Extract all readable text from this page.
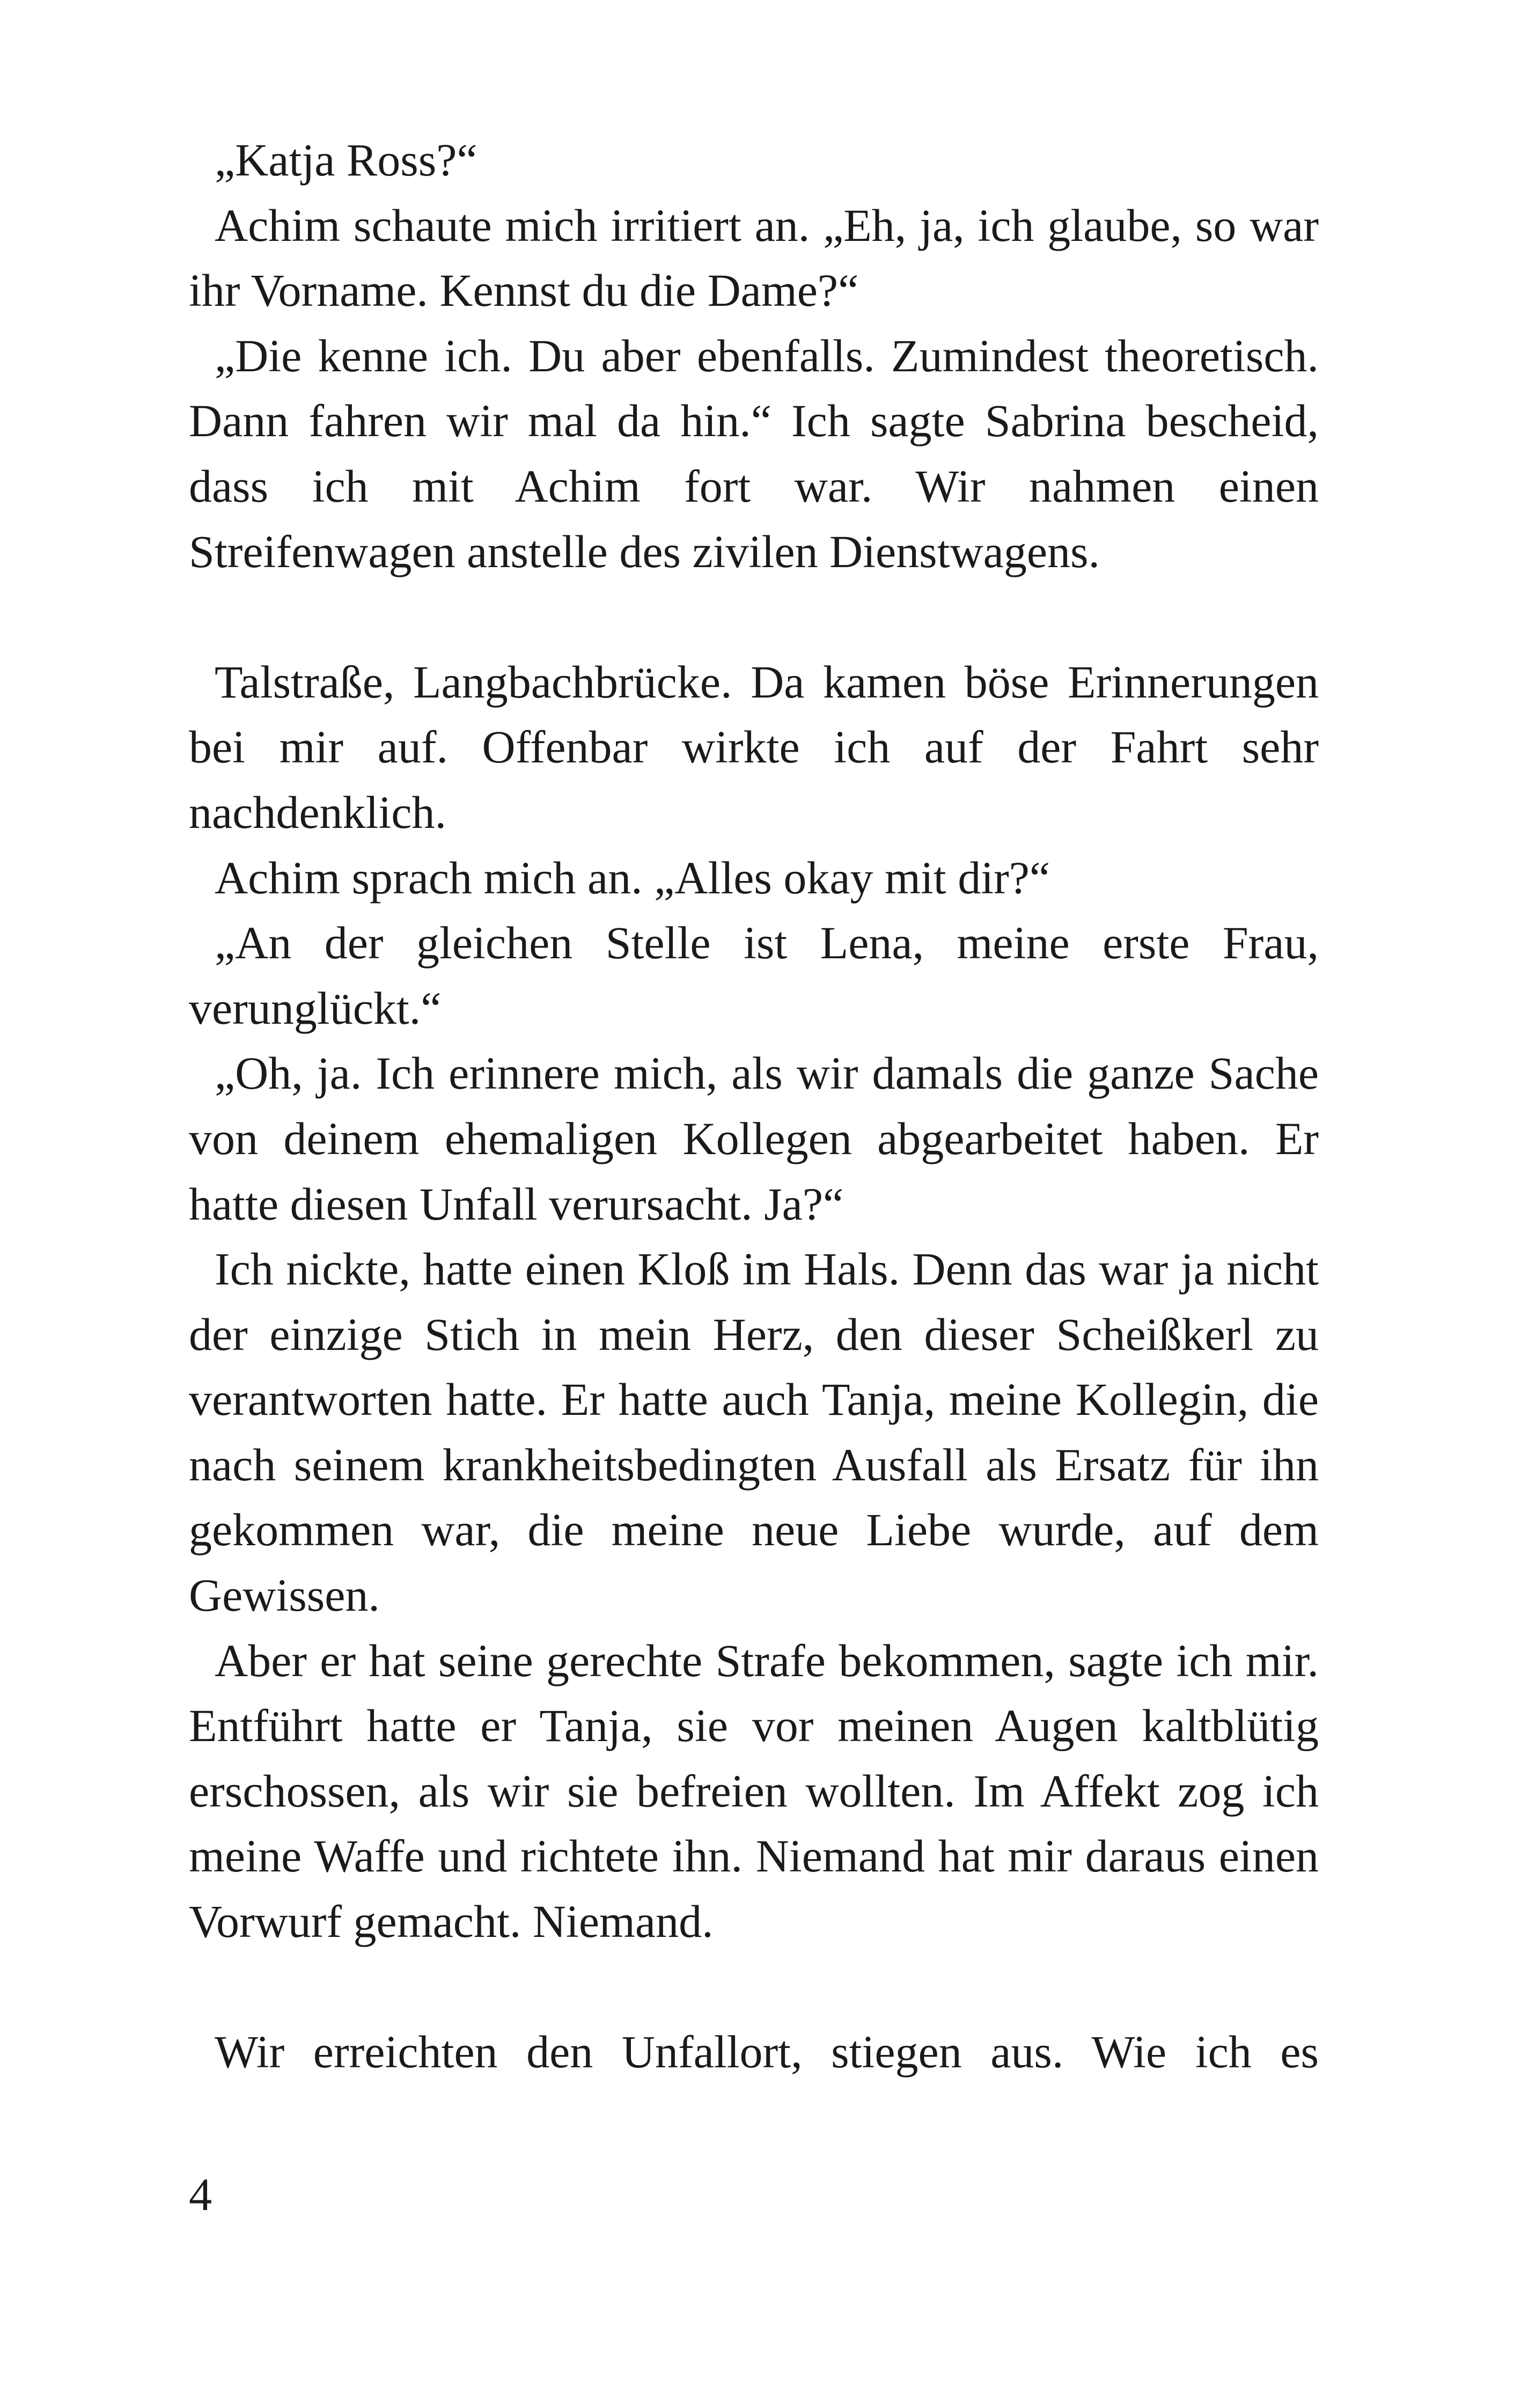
„Katja Ross?“

Achim schaute mich irritiert an. „Eh, ja, ich glaube, so war ihr Vorname. Kennst du die Dame?“

„Die kenne ich. Du aber ebenfalls. Zumindest theoretisch. Dann fahren wir mal da hin.“ Ich sagte Sabrina bescheid, dass ich mit Achim fort war. Wir nahmen einen Streifenwagen anstelle des zivilen Dienstwagens.

Talstraße, Langbachbrücke. Da kamen böse Erinnerungen bei mir auf. Offenbar wirkte ich auf der Fahrt sehr nachdenklich.

Achim sprach mich an. „Alles okay mit dir?“

„An der gleichen Stelle ist Lena, meine erste Frau, verunglückt.“

„Oh, ja. Ich erinnere mich, als wir damals die ganze Sache von deinem ehemaligen Kollegen abgearbeitet haben. Er hatte diesen Unfall verursacht. Ja?“

Ich nickte, hatte einen Kloß im Hals. Denn das war ja nicht der einzige Stich in mein Herz, den dieser Scheißkerl zu verantworten hatte. Er hatte auch Tanja, meine Kollegin, die nach seinem krankheitsbedingten Ausfall als Ersatz für ihn gekommen war, die meine neue Liebe wurde, auf dem Gewissen.

Aber er hat seine gerechte Strafe bekommen, sagte ich mir. Entführt hatte er Tanja, sie vor meinen Augen kaltblütig erschossen, als wir sie befreien wollten. Im Affekt zog ich meine Waffe und richtete ihn. Niemand hat mir daraus einen Vorwurf gemacht. Niemand.

Wir erreichten den Unfallort, stiegen aus. Wie ich es

4
